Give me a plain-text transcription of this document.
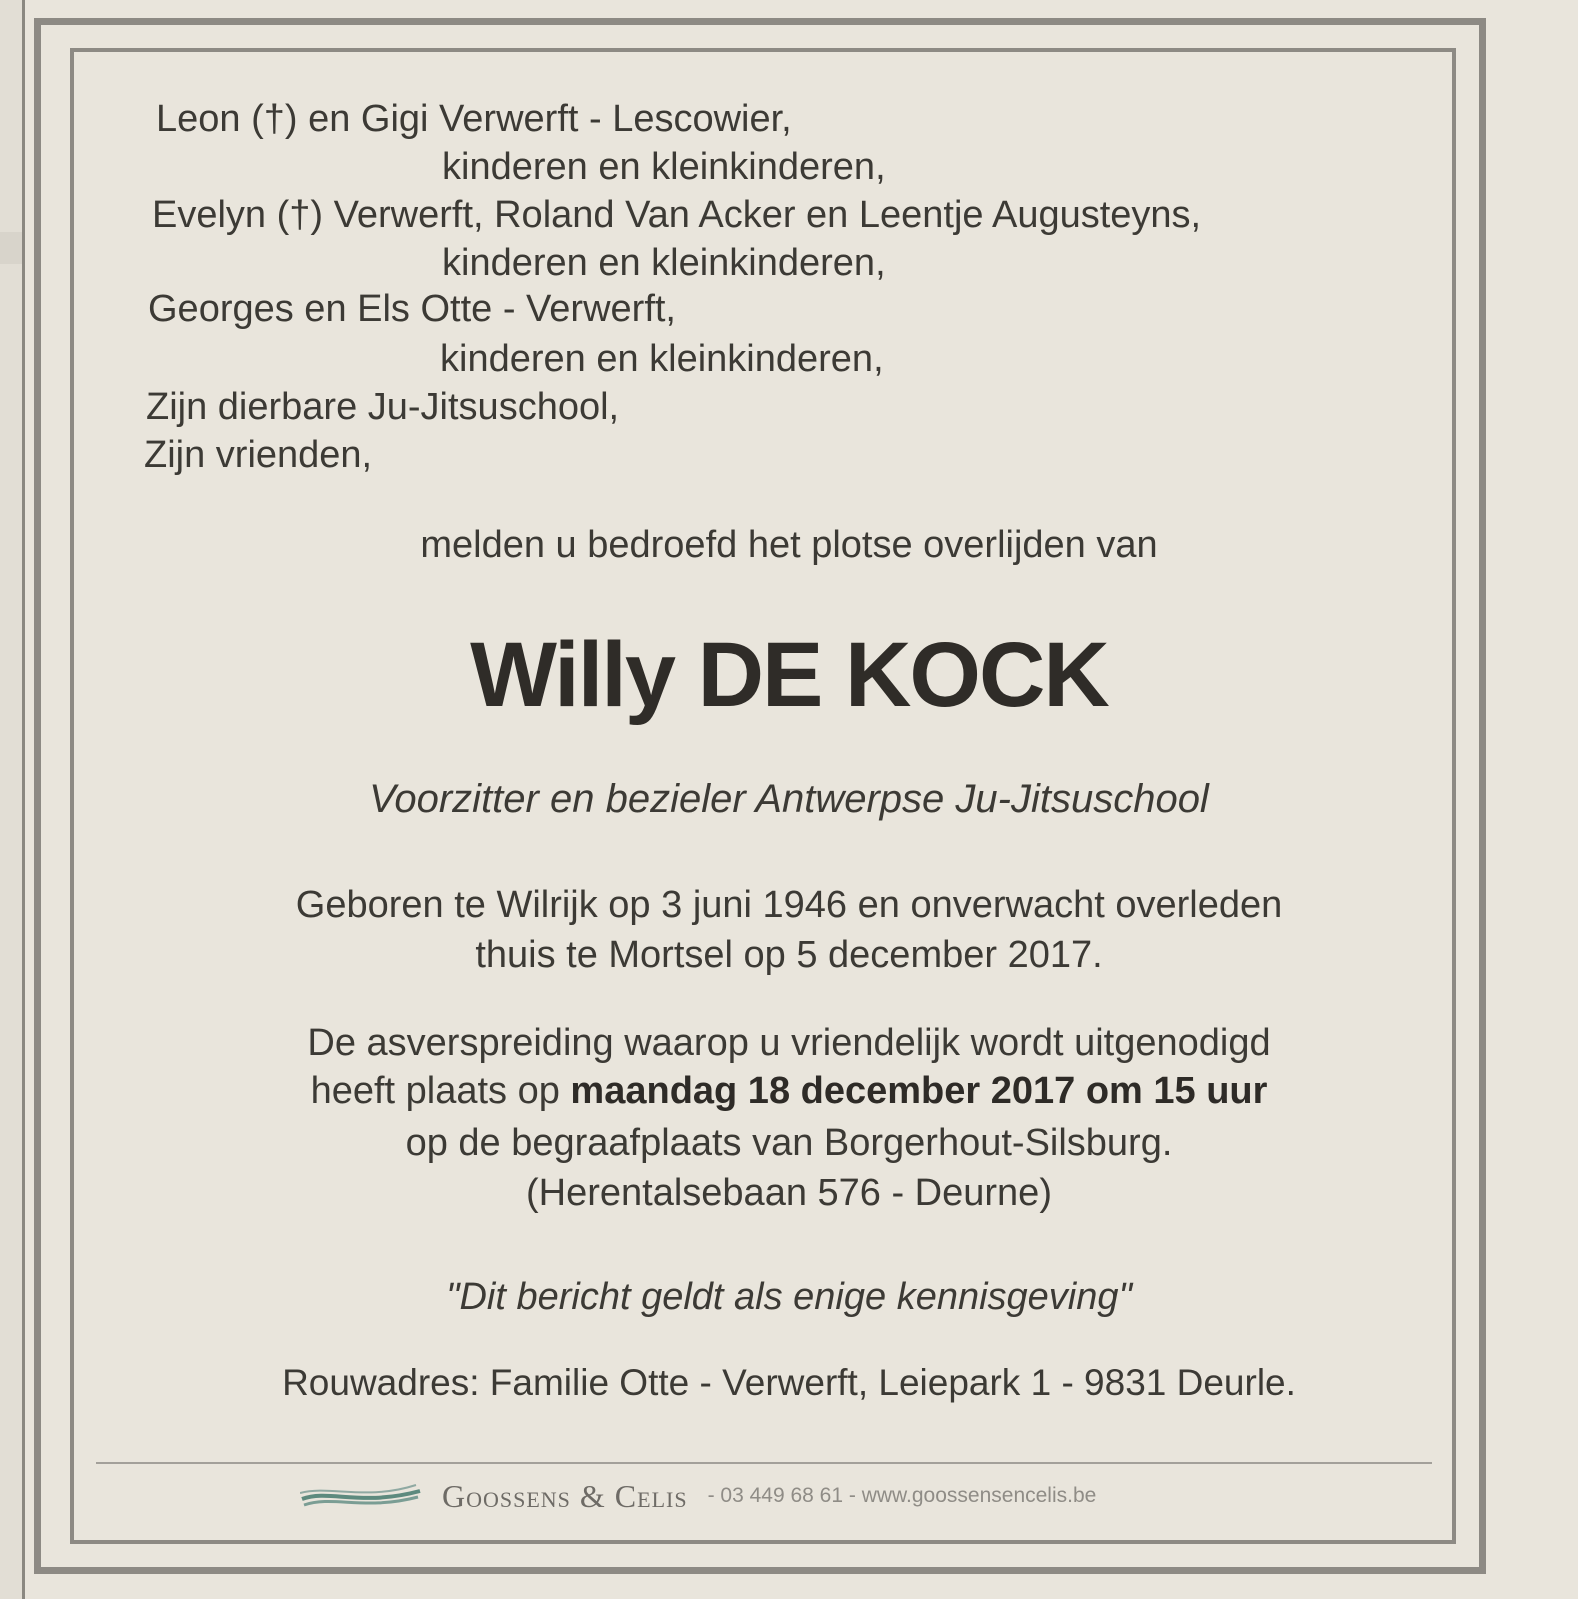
Leon (†) en Gigi Verwerft - Lescowier,
kinderen en kleinkinderen,
Evelyn (†) Verwerft, Roland Van Acker en Leentje Augusteyns,
kinderen en kleinkinderen,
Georges en Els Otte - Verwerft,
kinderen en kleinkinderen,
Zijn dierbare Ju-Jitsuschool,
Zijn vrienden,
melden u bedroefd het plotse overlijden van
Willy DE KOCK
Voorzitter en bezieler Antwerpse Ju-Jitsuschool
Geboren te Wilrijk op 3 juni 1946 en onverwacht overleden
thuis te Mortsel op 5 december 2017.
De asverspreiding waarop u vriendelijk wordt uitgenodigd
heeft plaats op maandag 18 december 2017 om 15 uur
op de begraafplaats van Borgerhout-Silsburg.
(Herentalsebaan 576 - Deurne)
"Dit bericht geldt als enige kennisgeving"
Rouwadres: Familie Otte - Verwerft, Leiepark 1 - 9831 Deurle.
Goossens & Celis - 03 449 68 61 - www.goossensencelis.be
